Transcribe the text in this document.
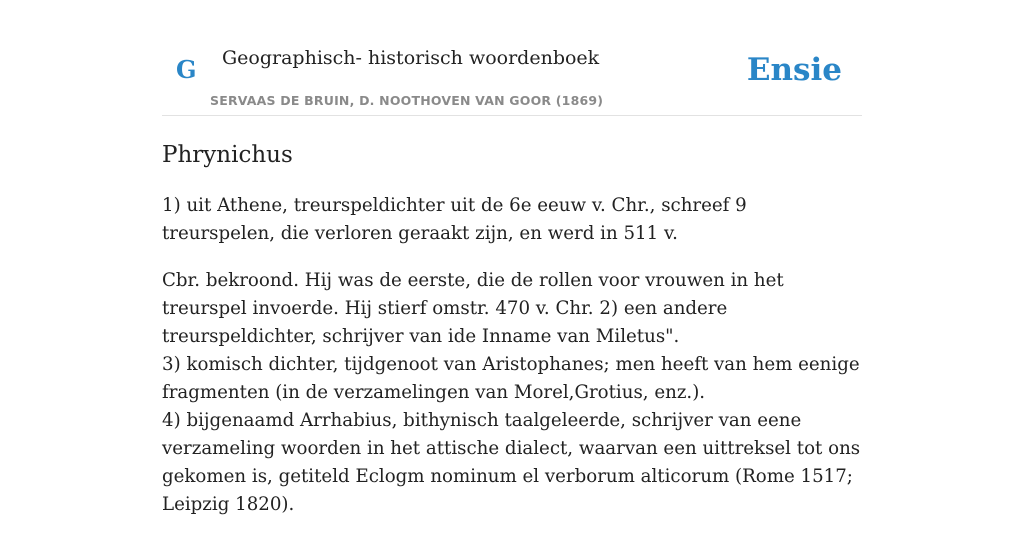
G Geographisch- historisch woordenboek
SERVAAS DE BRUIN, D. NOOTHOVEN VAN GOOR (1869)
Ensie
Phrynichus

1) uit Athene, treurspeldichter uit de 6e eeuw v. Chr., schreef 9 treurspelen, die verloren geraakt zijn, en werd in 511 v.

Cbr. bekroond. Hij was de eerste, die de rollen voor vrouwen in het treurspel invoerde. Hij stierf omstr. 470 v. Chr. 2) een andere treurspeldichter, schrijver van ide Inname van Miletus".
3) komisch dichter, tijdgenoot van Aristophanes; men heeft van hem eenige fragmenten (in de verzamelingen van Morel,Grotius, enz.).
4) bijgenaamd Arrhabius, bithynisch taalgeleerde, schrijver van eene verzameling woorden in het attische dialect, waarvan een uittreksel tot ons gekomen is, getiteld Eclogm nominum el verborum alticorum (Rome 1517; Leipzig 1820).
